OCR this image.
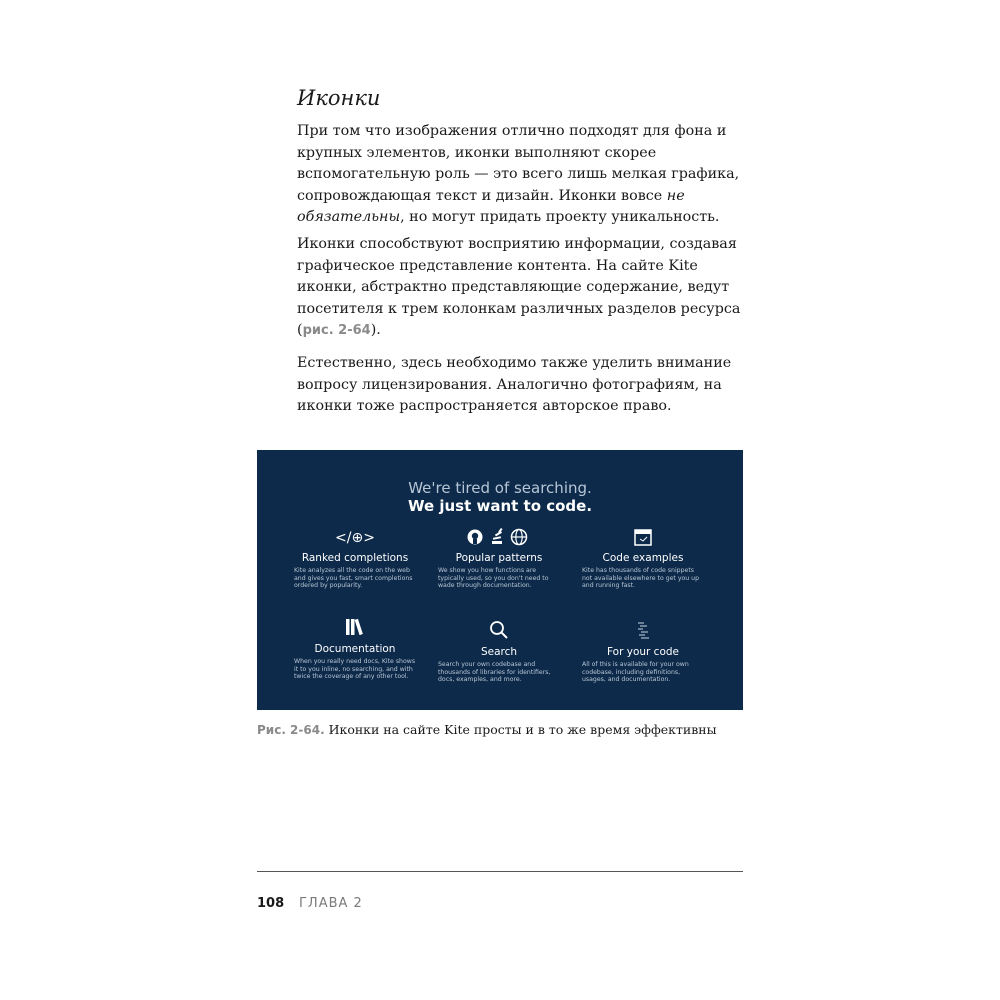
Иконки

При том что изображения отлично подходят для фона и крупных элементов, иконки выполняют скорее вспомогательную роль — это всего лишь мелкая графика, сопровождающая текст и дизайн. Иконки вовсе не обязательны, но могут придать проекту уникальность.

Иконки способствуют восприятию информации, создавая графическое представление контента. На сайте Kite иконки, абстрактно представляющие содержание, ведут посетителя к трем колонкам различных разделов ресурса (рис. 2-64).

Естественно, здесь необходимо также уделить внимание вопросу лицензирования. Аналогично фотографиям, на иконки тоже распространяется авторское право.

We're tired of searching.
We just want to code.
</⊕>
Ranked completions
Kite analyzes all the code on the web and gives you fast, smart completions ordered by popularity.
Popular patterns
We show you how functions are typically used, so you don't need to wade through documentation.
Code examples
Kite has thousands of code snippets not available elsewhere to get you up and running fast.
Documentation
When you really need docs, Kite shows it to you inline, no searching, and with twice the coverage of any other tool.
Search
Search your own codebase and thousands of libraries for identifiers, docs, examples, and more.
For your code
All of this is available for your own codebase, including definitions, usages, and documentation.
Рис. 2-64. Иконки на сайте Kite просты и в то же время эффективны
108 ГЛАВА 2
